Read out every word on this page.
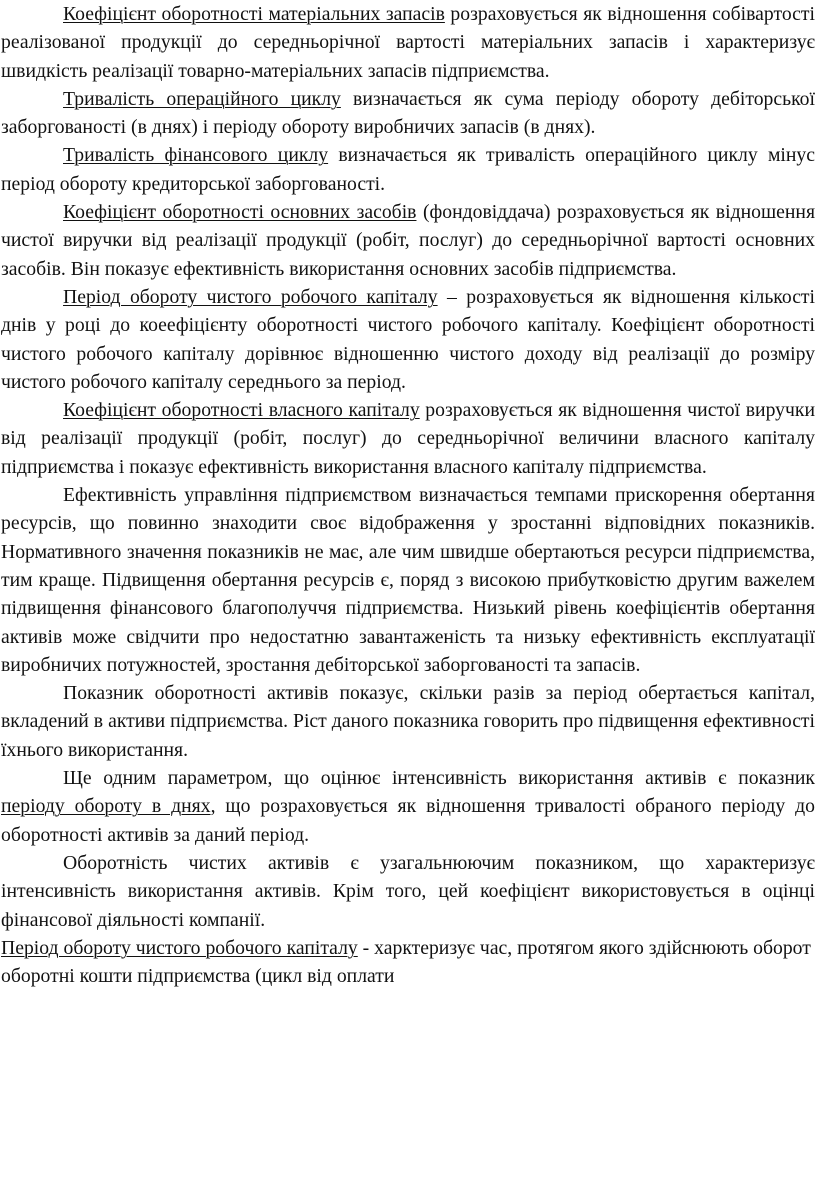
Коефіцієнт оборотності матеріальних запасів розраховується як відношення собівартості реалізованої продукції до середньорічної вартості матеріальних запасів і характеризує швидкість реалізації товарно-матеріальних запасів підприємства.

Тривалість операційного циклу визначається як сума періоду обороту дебіторської заборгованості (в днях) і періоду обороту виробничих запасів (в днях).

Тривалість фінансового циклу визначається як тривалість операційного циклу мінус період обороту кредиторської заборгованості.

Коефіцієнт оборотності основних засобів (фондовіддача) розраховується як відношення чистої виручки від реалізації продукції (робіт, послуг) до середньорічної вартості основних засобів. Він показує ефективність використання основних засобів підприємства.

Період обороту чистого робочого капіталу – розраховується як відношення кількості днів у році до коеефіцієнту оборотності чистого робочого капіталу. Коефіцієнт оборотності чистого робочого капіталу дорівнює відношенню чистого доходу від реалізації до розміру чистого робочого капіталу середнього за період.

Коефіцієнт оборотності власного капіталу розраховується як відношення чистої виручки від реалізації продукції (робіт, послуг) до середньорічної величини власного капіталу підприємства і показує ефективність використання власного капіталу підприємства.

Ефективність управління підприємством визначається темпами прискорення обертання ресурсів, що повинно знаходити своє відображення у зростанні відповідних показників. Нормативного значення показників не має, але чим швидше обертаються ресурси підприємства, тим краще. Підвищення обертання ресурсів є, поряд з високою прибутковістю другим важелем підвищення фінансового благополуччя підприємства. Низький рівень коефіцієнтів обертання активів може свідчити про недостатню завантаженість та низьку ефективність експлуатації виробничих потужностей, зростання дебіторської заборгованості та запасів.

Показник оборотності активів показує, скільки разів за період обертається капітал, вкладений в активи підприємства. Ріст даного показника говорить про підвищення ефективності їхнього використання.

Ще одним параметром, що оцінює інтенсивність використання активів є показник періоду обороту в днях, що розраховується як відношення тривалості обраного періоду до оборотності активів за даний період.

Оборотність чистих активів є узагальнюючим показником, що характеризує інтенсивність використання активів. Крім того, цей коефіцієнт використовується в оцінці фінансової діяльності компанії.

Період обороту чистого робочого капіталу - харктеризує час, протягом якого здійснюють оборот оборотні кошти підприємства (цикл від оплати
